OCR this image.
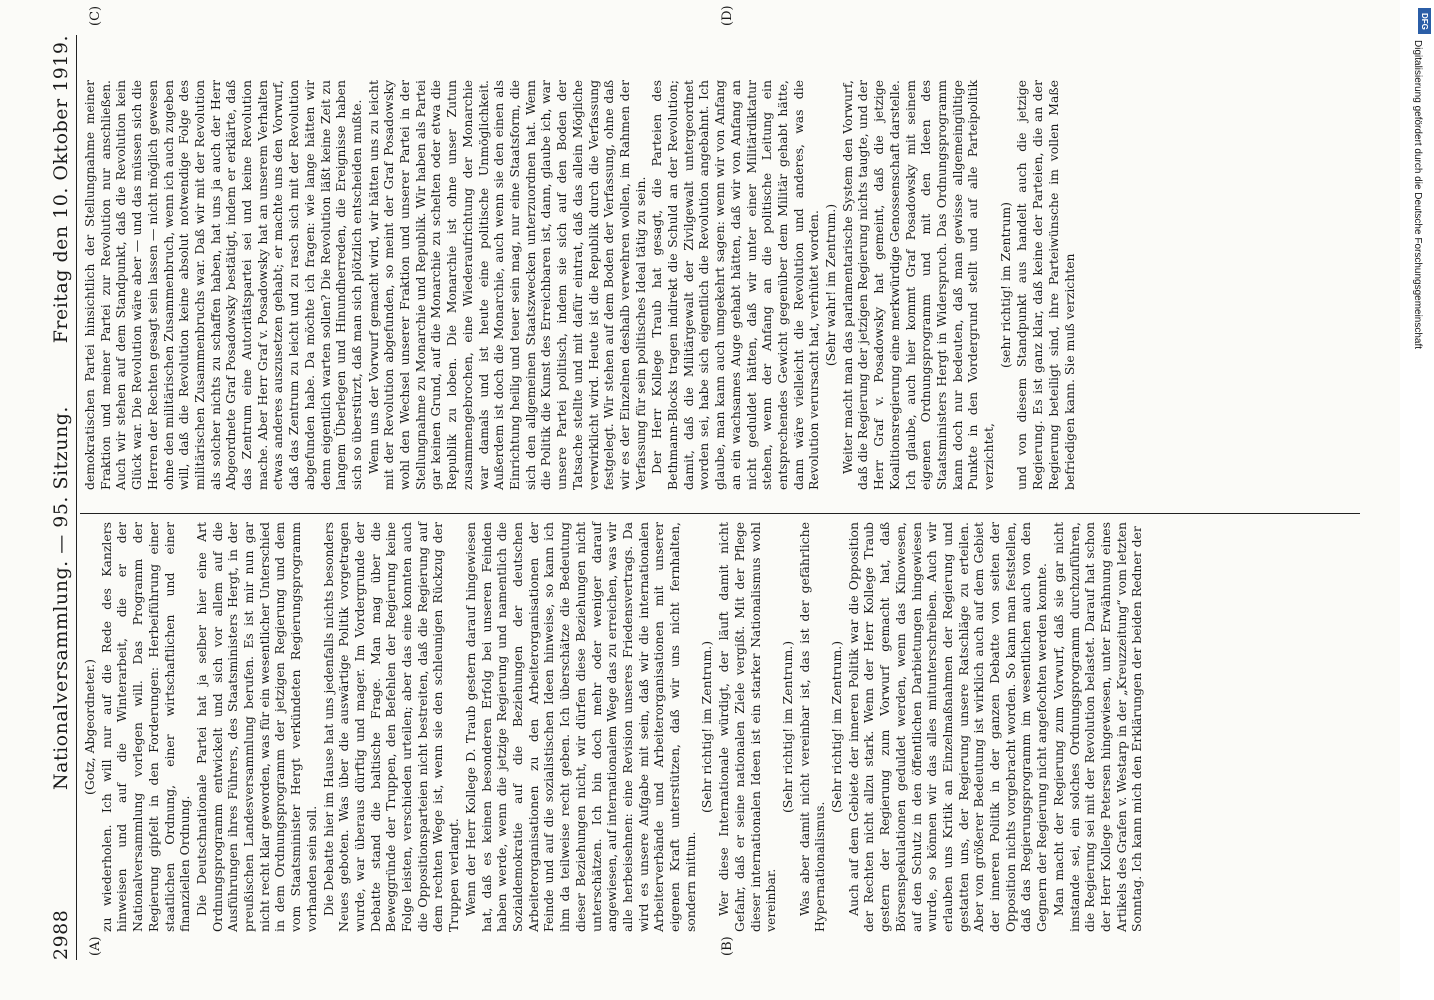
2988
Nationalversammlung. — 95. Sitzung.
Freitag den 10. Oktober 1919.
(A)	(B)
(C)	(D)

(Gotz, Abgeordneter.) zu wiederholen. Ich will nur auf die Rede des Kanzlers hinweisen und auf die Winterarbeit, die er der Nationalversammlung vorlegen will. Das Programm der Regierung gipfelt in den Forderungen: Herbeiführung einer staatlichen Ordnung, einer wirtschaftlichen und einer finanziellen Ordnung. Die Deutschnationale Partei hat ja selber hier eine Art Ordnungsprogramm entwickelt und sich vor allem auf die Ausführungen ihres Führers, des Staatsministers Hergt, in der preußischen Landesversammlung berufen. Es ist mir nun gar nicht recht klar geworden, was für ein wesentlicher Unterschied in dem Ordnungsprogramm der jetzigen Regierung und dem vom Staatsminister Hergt verkündeten Regierungsprogramm vorhanden sein soll. Die Debatte hier im Hause hat uns jedenfalls nichts besonders Neues geboten. Was über die auswärtige Politik vorgetragen wurde, war überaus dürftig und mager. Im Vordergrunde der Debatte stand die baltische Frage. Man mag über die Beweggründe der Truppen, den Befehlen der Regierung keine Folge leisten, verschieden urteilen; aber das eine konnten auch die Oppositionsparteien nicht bestreiten, daß die Regierung auf dem rechten Wege ist, wenn sie den schleunigen Rückzug der Truppen verlangt. Wenn der Herr Kollege D. Traub gestern darauf hingewiesen hat, daß es keinen besonderen Erfolg bei unseren Feinden haben werde, wenn die jetzige Regierung und namentlich die Sozialdemokratie auf die Beziehungen der deutschen Arbeiterorganisationen zu den Arbeiterorganisationen der Feinde und auf die sozialistischen Ideen hinweise, so kann ich ihm da teilweise recht geben. Ich überschätze die Bedeutung dieser Beziehungen nicht, wir dürfen diese Beziehungen nicht unterschätzen. Ich bin doch mehr oder weniger darauf angewiesen, auf internationalem Wege das zu erreichen, was wir alle herbeisehnen: eine Revision unseres Friedensvertrags. Da wird es unsere Aufgabe mit sein, daß wir die internationalen Arbeiterverbände und Arbeiterorganisationen mit unserer eigenen Kraft unterstützen, daß wir uns nicht fernhalten, sondern mittun.

(Sehr richtig! im Zentrum.) Wer diese Internationale würdigt, der läuft damit nicht Gefahr, daß er seine nationalen Ziele vergißt. Mit der Pflege dieser internationalen Ideen ist ein starker Nationalismus wohl vereinbar.

(Sehr richtig! im Zentrum.) Was aber damit nicht vereinbar ist, das ist der gefährliche Hypernationalismus.

(Sehr richtig! im Zentrum.) Auch auf dem Gebiete der inneren Politik war die Opposition der Rechten nicht allzu stark. Wenn der Herr Kollege Traub gestern der Regierung zum Vorwurf gemacht hat, daß Börsenspekulationen geduldet werden, wenn das Kinowesen, auf den Schutz in den öffentlichen Darbietungen hingewiesen wurde, so können wir das alles mitunterschreiben. Auch wir erlauben uns Kritik an Einzelmaßnahmen der Regierung und gestatten uns, der Regierung unsere Ratschläge zu erteilen. Aber von größerer Bedeutung ist wirklich auch auf dem Gebiet der inneren Politik in der ganzen Debatte von seiten der Opposition nichts vorgebracht worden. So kann man feststellen, daß das Regierungsprogramm im wesentlichen auch von den Gegnern der Regierung nicht angefochten werden konnte. Man macht der Regierung zum Vorwurf, daß sie gar nicht imstande sei, ein solches Ordnungsprogramm durchzuführen, die Regierung sei mit der Revolution belastet. Darauf hat schon der Herr Kollege Petersen hingewiesen, unter Erwähnung eines Artikels des Grafen v. Westarp in der „Kreuzzeitung“ vom letzten Sonntag. Ich kann mich den Erklärungen der beiden Redner der

demokratischen Partei hinsichtlich der Stellungnahme meiner Fraktion und meiner Partei zur Revolution nur anschließen. Auch wir stehen auf dem Standpunkt, daß die Revolution kein Glück war. Die Revolution wäre aber — und das müssen sich die Herren der Rechten gesagt sein lassen — nicht möglich gewesen ohne den militärischen Zusammenbruch, wenn ich auch zugeben will, daß die Revolution keine absolut notwendige Folge des militärischen Zusammenbruchs war. Daß wir mit der Revolution als solcher nichts zu schaffen haben, hat uns ja auch der Herr Abgeordnete Graf Posadowsky bestätigt, indem er erklärte, daß das Zentrum eine Autoritätspartei sei und keine Revolution mache. Aber Herr Graf v. Posadowsky hat an unserem Verhalten etwas anderes auszusetzen gehabt; er machte uns den Vorwurf, daß das Zentrum zu leicht und zu rasch sich mit der Revolution abgefunden habe. Da möchte ich fragen: wie lange hätten wir denn eigentlich warten sollen? Die Revolution läßt keine Zeit zu langem Überlegen und Hinundherreden, die Ereignisse haben sich so überstürzt, daß man sich plötzlich entscheiden mußte. Wenn uns der Vorwurf gemacht wird, wir hätten uns zu leicht mit der Revolution abgefunden, so meint der Graf Posadowsky wohl den Wechsel unserer Fraktion und unserer Partei in der Stellungnahme zu Monarchie und Republik. Wir haben als Partei gar keinen Grund, auf die Monarchie zu schelten oder etwa die Republik zu loben. Die Monarchie ist ohne unser Zutun zusammengebrochen, eine Wiederaufrichtung der Monarchie war damals und ist heute eine politische Unmöglichkeit. Außerdem ist doch die Monarchie, auch wenn sie den einen als Einrichtung heilig und teuer sein mag, nur eine Staatsform, die sich den allgemeinen Staatszwecken unterzuordnen hat. Wenn die Politik die Kunst des Erreichbaren ist, dann, glaube ich, war unsere Partei politisch, indem sie sich auf den Boden der Tatsache stellte und mit dafür eintrat, daß das allein Mögliche verwirklicht wird. Heute ist die Republik durch die Verfassung festgelegt. Wir stehen auf dem Boden der Verfassung, ohne daß wir es der Einzelnen deshalb verwehren wollen, im Rahmen der Verfassung für sein politisches Ideal tätig zu sein. Der Herr Kollege Traub hat gesagt, die Parteien des Bethmann-Blocks tragen indirekt die Schuld an der Revolution; damit, daß die Militärgewalt der Zivilgewalt untergeordnet worden sei, habe sich eigentlich die Revolution angebahnt. Ich glaube, man kann auch umgekehrt sagen: wenn wir von Anfang an ein wachsames Auge gehabt hätten, daß wir von Anfang an nicht geduldet hätten, daß wir unter einer Militärdiktatur stehen, wenn der Anfang an die politische Leitung ein entsprechendes Gewicht gegenüber dem Militär gehabt hätte, dann wäre vielleicht die Revolution und anderes, was die Revolution verursacht hat, verhütet worden. (Sehr wahr! im Zentrum.) Weiter macht man das parlamentarische System den Vorwurf, daß die Regierung der jetzigen Regierung nichts taugte, und der Herr Graf v. Posadowsky hat gemeint, daß die jetzige Koalitionsregierung eine merkwürdige Genossenschaft darstelle. Ich glaube, auch hier kommt Graf Posadowsky mit seinem eigenen Ordnungsprogramm und mit den Ideen des Staatsministers Hergt in Widerspruch. Das Ordnungsprogramm kann doch nur bedeuten, daß man gewisse allgemeingültige Punkte in den Vordergrund stellt und auf alle Parteipolitik verzichtet,

(sehr richtig! im Zentrum) und von diesem Standpunkt aus handelt auch die jetzige Regierung. Es ist ganz klar, daß keine der Parteien, die an der Regierung beteiligt sind, ihre Parteiwünsche im vollen Maße befriedigen kann. Sie muß verzichten

DFG
Digitalisierung gefördert durch die Deutsche Forschungsgemeinschaft
